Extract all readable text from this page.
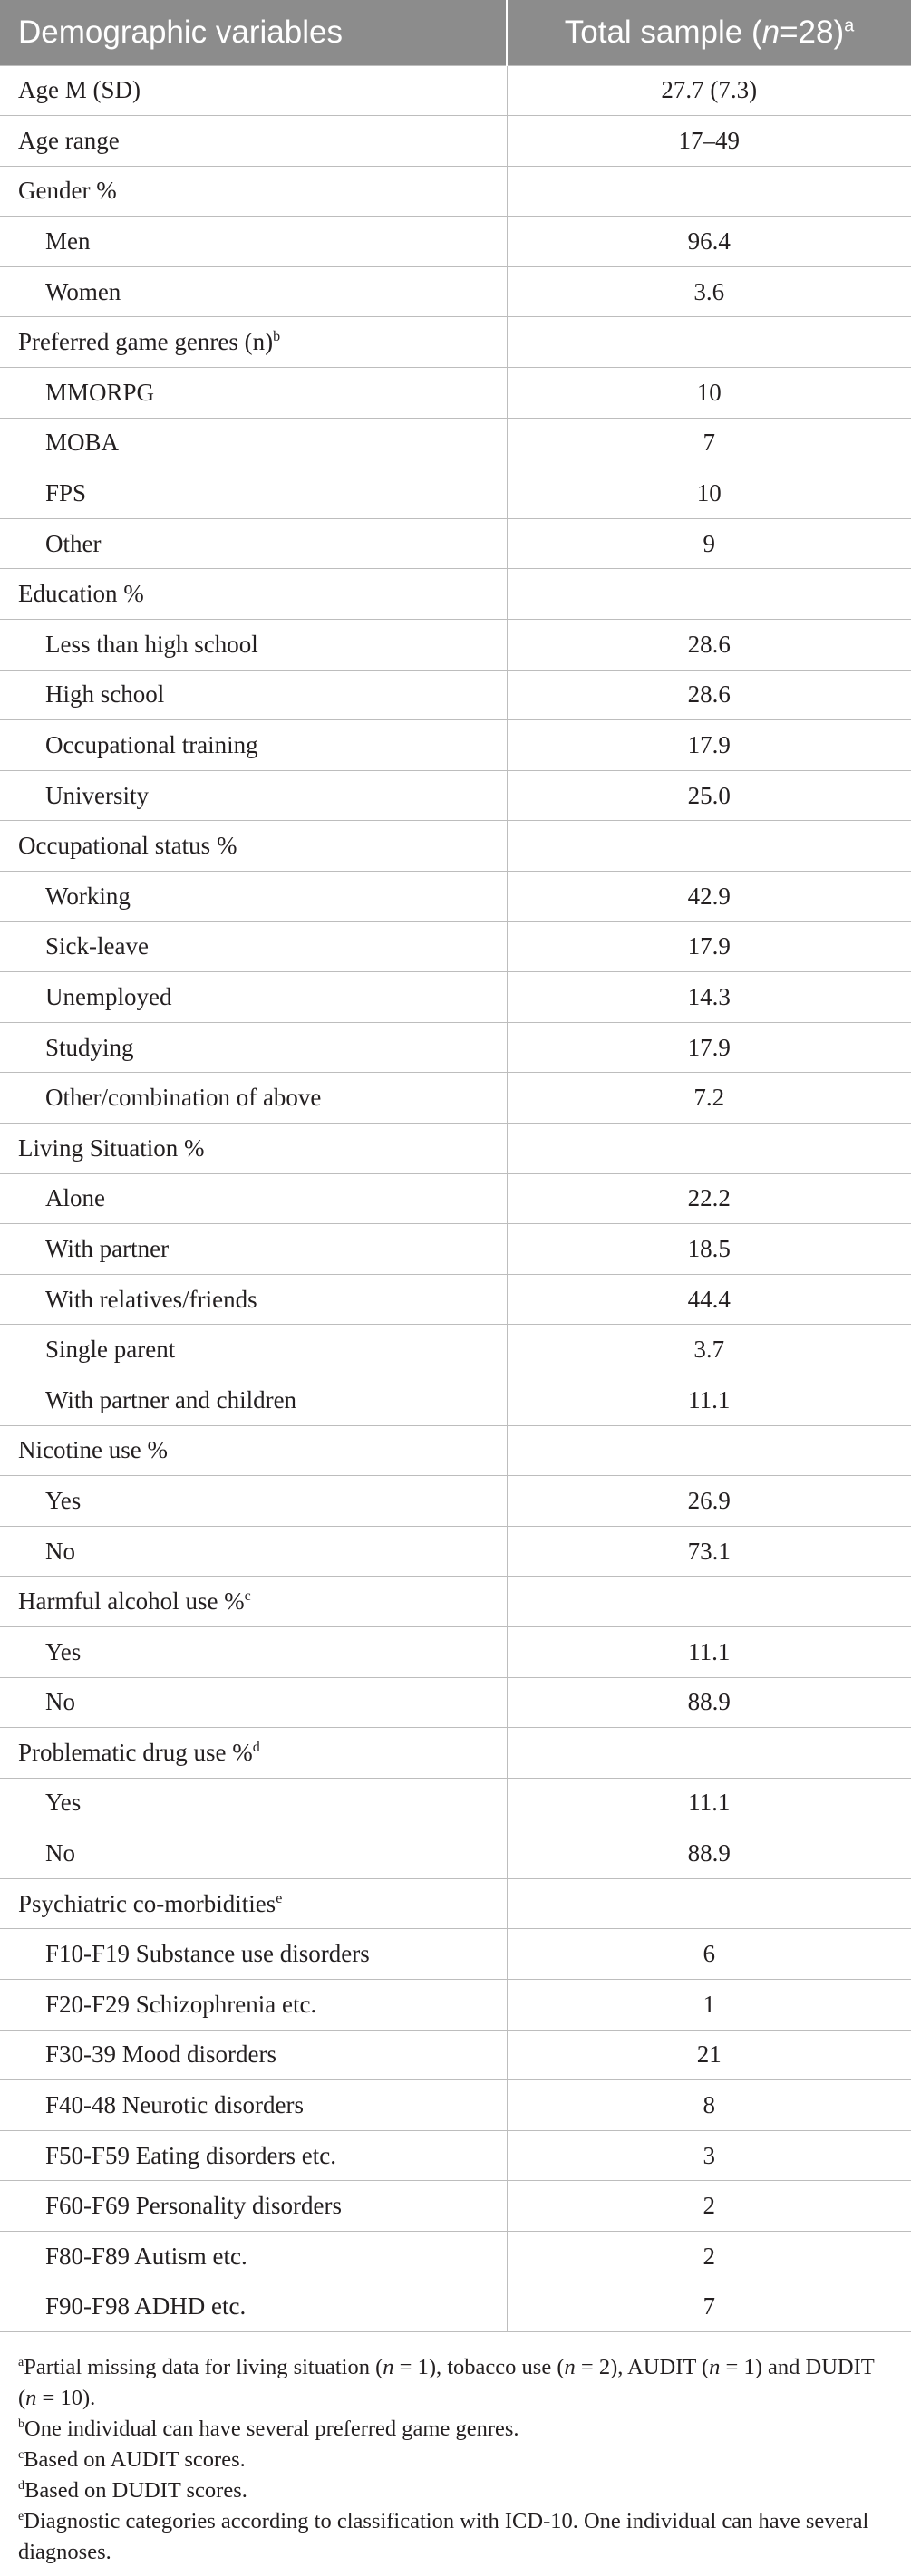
Demographic variables	Total sample (n=28)$^a$
Age M (SD)	27.7 (7.3)
Age range	17–49
Gender %	
Men	96.4
Women	3.6
Preferred game genres $(n)^b$	
MMORPG	10
MOBA	7
FPS	10
Other	9
Education %	
Less than high school	28.6
High school	28.6
Occupational training	17.9
University	25.0
Occupational status %	
Working	42.9
Sick-leave	17.9
Unemployed	14.3
Studying	17.9
Other/combination of above	7.2
Living Situation %	
Alone	22.2
With partner	18.5
With relatives/friends	44.4
Single parent	3.7
With partner and children	11.1
Nicotine use %	
Yes	26.9
No	73.1
Harmful alcohol use %$^c$	
Yes	11.1
No	88.9
Problematic drug use %$^d$	
Yes	11.1
No	88.9
Psychiatric co-morbidities$^e$	
F10-F19 Substance use disorders	6
F20-F29 Schizophrenia etc.	1
F30-39 Mood disorders	21
F40-48 Neurotic disorders	8
F50-F59 Eating disorders etc.	3
F60-F69 Personality disorders	2
F80-F89 Autism etc.	2
F90-F98 ADHD etc.	7

$^a$Partial missing data for living situation (n = 1), tobacco use (n = 2), AUDIT (n = 1) and DUDIT (n = 10).

$^b$One individual can have several preferred game genres.

$^c$Based on AUDIT scores.

$^d$Based on DUDIT scores.

$^e$Diagnostic categories according to classification with ICD-10. One individual can have several diagnoses.
